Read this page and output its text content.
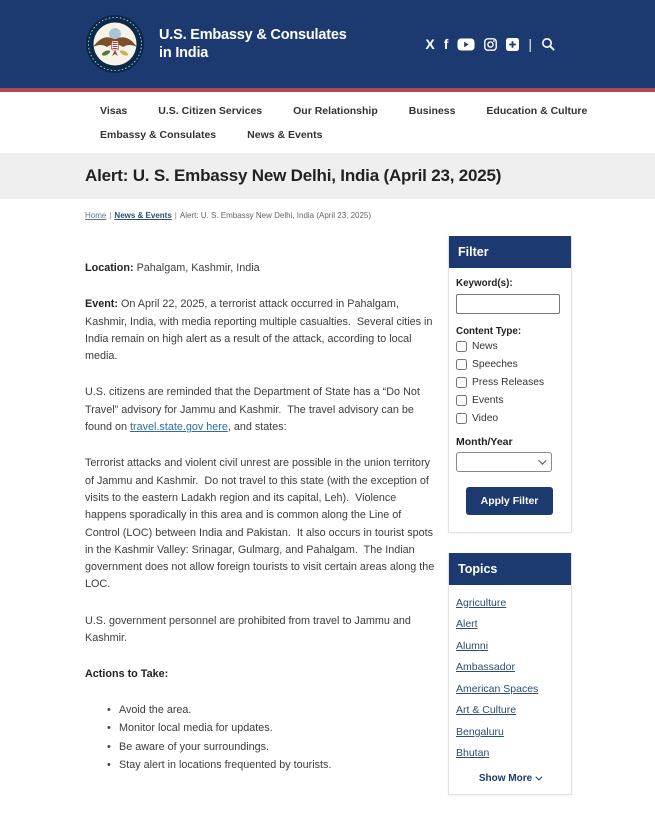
U.S. Embassy & Consulates
in India
X f	|
Visas	U.S. Citizen Services	Our Relationship	Business	Education & Culture
Embassy & Consulates	News & Events
Alert: U. S. Embassy New Delhi, India (April 23, 2025)
Home | News & Events | Alert: U. S. Embassy New Delhi, India (April 23, 2025)

Location: Pahalgam, Kashmir, India

Event: On April 22, 2025, a terrorist attack occurred in Pahalgam, Kashmir, India, with media reporting multiple casualties.  Several cities in India remain on high alert as a result of the attack, according to local media.

U.S. citizens are reminded that the Department of State has a “Do Not Travel” advisory for Jammu and Kashmir.  The travel advisory can be found on travel.state.gov here, and states:

Terrorist attacks and violent civil unrest are possible in the union territory of Jammu and Kashmir.  Do not travel to this state (with the exception of visits to the eastern Ladakh region and its capital, Leh).  Violence happens sporadically in this area and is common along the Line of Control (LOC) between India and Pakistan.  It also occurs in tourist spots in the Kashmir Valley: Srinagar, Gulmarg, and Pahalgam.  The Indian government does not allow foreign tourists to visit certain areas along the LOC.

U.S. government personnel are prohibited from travel to Jammu and Kashmir.

Actions to Take:

• Avoid the area.
• Monitor local media for updates.
• Be aware of your surroundings.
• Stay alert in locations frequented by tourists.
Filter
Keyword(s):
Content Type:
News
Speeches
Press Releases
Events
Video
Month/Year
Apply Filter
Topics
Agriculture
Alert
Alumni
Ambassador
American Spaces
Art & Culture
Bengaluru
Bhutan
Show More
